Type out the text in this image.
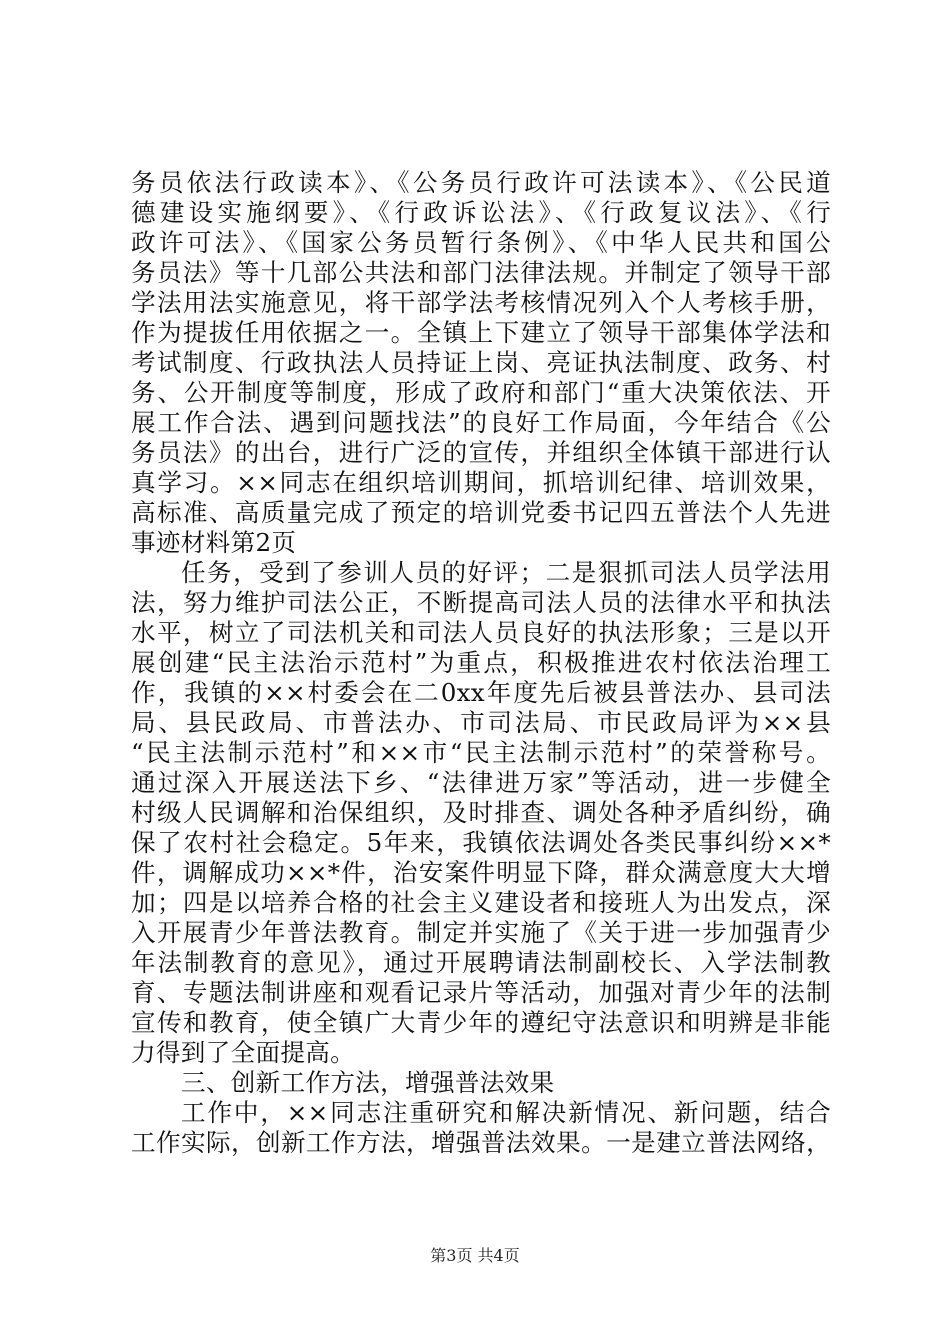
务员依法行政读本》、《公务员行政许可法读本》、《公民道
德建设实施纲要》、《行政诉讼法》、《行政复议法》、《行
政许可法》、《国家公务员暂行条例》、《中华人民共和国公
务员法》等十几部公共法和部门法律法规。并制定了领导干部
学法用法实施意见，将干部学法考核情况列入个人考核手册，
作为提拔任用依据之一。全镇上下建立了领导干部集体学法和
考试制度、行政执法人员持证上岗、亮证执法制度、政务、村
务、公开制度等制度，形成了政府和部门“重大决策依法、开
展工作合法、遇到问题找法”的良好工作局面，今年结合《公
务员法》的出台，进行广泛的宣传，并组织全体镇干部进行认
真学习。××同志在组织培训期间，抓培训纪律、培训效果，
高标准、高质量完成了预定的培训党委书记四五普法个人先进
事迹材料第2页
任务，受到了参训人员的好评；二是狠抓司法人员学法用
法，努力维护司法公正，不断提高司法人员的法律水平和执法
水平，树立了司法机关和司法人员良好的执法形象；三是以开
展创建“民主法治示范村”为重点，积极推进农村依法治理工
作，我镇的××村委会在二0xx年度先后被县普法办、县司法
局、县民政局、市普法办、市司法局、市民政局评为××县
“民主法制示范村”和××市“民主法制示范村”的荣誉称号。
通过深入开展送法下乡、“法律进万家”等活动，进一步健全
村级人民调解和治保组织，及时排查、调处各种矛盾纠纷，确
保了农村社会稳定。5年来，我镇依法调处各类民事纠纷××*
件，调解成功××*件，治安案件明显下降，群众满意度大大增
加；四是以培养合格的社会主义建设者和接班人为出发点，深
入开展青少年普法教育。制定并实施了《关于进一步加强青少
年法制教育的意见》，通过开展聘请法制副校长、入学法制教
育、专题法制讲座和观看记录片等活动，加强对青少年的法制
宣传和教育，使全镇广大青少年的遵纪守法意识和明辨是非能
力得到了全面提高。
三、创新工作方法，增强普法效果
工作中，××同志注重研究和解决新情况、新问题，结合
工作实际，创新工作方法，增强普法效果。一是建立普法网络，
第3页 共4页
